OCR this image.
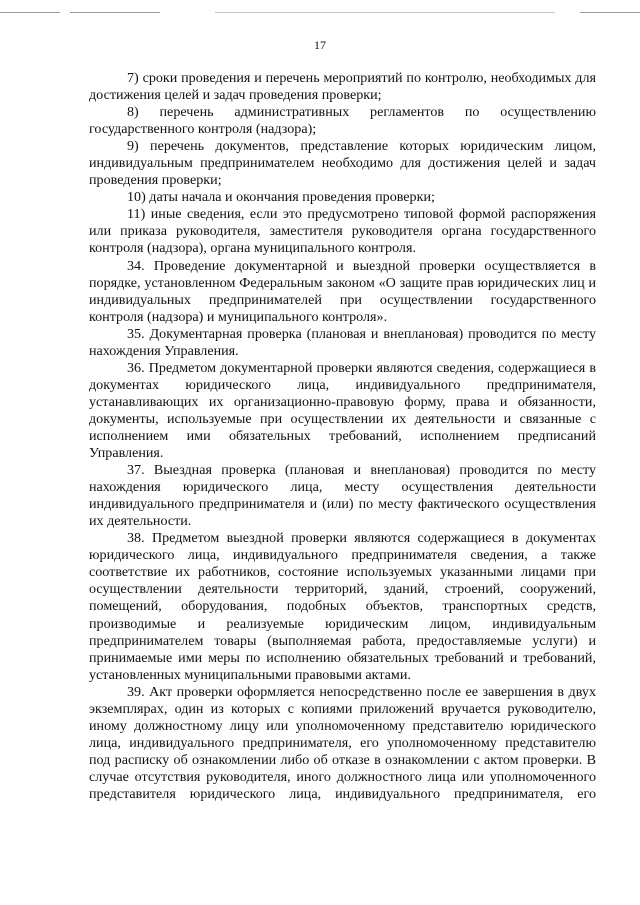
17

7) сроки проведения и перечень мероприятий по контролю, необходимых для достижения целей и задач проведения проверки;

8) перечень административных регламентов по осуществлению государственного контроля (надзора);

9) перечень документов, представление которых юридическим лицом, индивидуальным предпринимателем необходимо для достижения целей и задач проведения проверки;

10) даты начала и окончания проведения проверки;

11) иные сведения, если это предусмотрено типовой формой распоряжения или приказа руководителя, заместителя руководителя органа государственного контроля (надзора), органа муниципального контроля.

34. Проведение документарной и выездной проверки осуществляется в порядке, установленном Федеральным законом «О защите прав юридических лиц и индивидуальных предпринимателей при осуществлении государственного контроля (надзора) и муниципального контроля».

35. Документарная проверка (плановая и внеплановая) проводится по месту нахождения Управления.

36. Предметом документарной проверки являются сведения, содержащиеся в документах юридического лица, индивидуального предпринимателя, устанавливающих их организационно-правовую форму, права и обязанности, документы, используемые при осуществлении их деятельности и связанные с исполнением ими обязательных требований, исполнением предписаний Управления.

37. Выездная проверка (плановая и внеплановая) проводится по месту нахождения юридического лица, месту осуществления деятельности индивидуального предпринимателя и (или) по месту фактического осуществления их деятельности.

38. Предметом выездной проверки являются содержащиеся в документах юридического лица, индивидуального предпринимателя сведения, а также соответствие их работников, состояние используемых указанными лицами при осуществлении деятельности территорий, зданий, строений, сооружений, помещений, оборудования, подобных объектов, транспортных средств, производимые и реализуемые юридическим лицом, индивидуальным предпринимателем товары (выполняемая работа, предоставляемые услуги) и принимаемые ими меры по исполнению обязательных требований и требований, установленных муниципальными правовыми актами.

39. Акт проверки оформляется непосредственно после ее завершения в двух экземплярах, один из которых с копиями приложений вручается руководителю, иному должностному лицу или уполномоченному представителю юридического лица, индивидуального предпринимателя, его уполномоченному представителю под расписку об ознакомлении либо об отказе в ознакомлении с актом проверки. В случае отсутствия руководителя, иного должностного лица или уполномоченного представителя юридического лица, индивидуального предпринимателя, его
